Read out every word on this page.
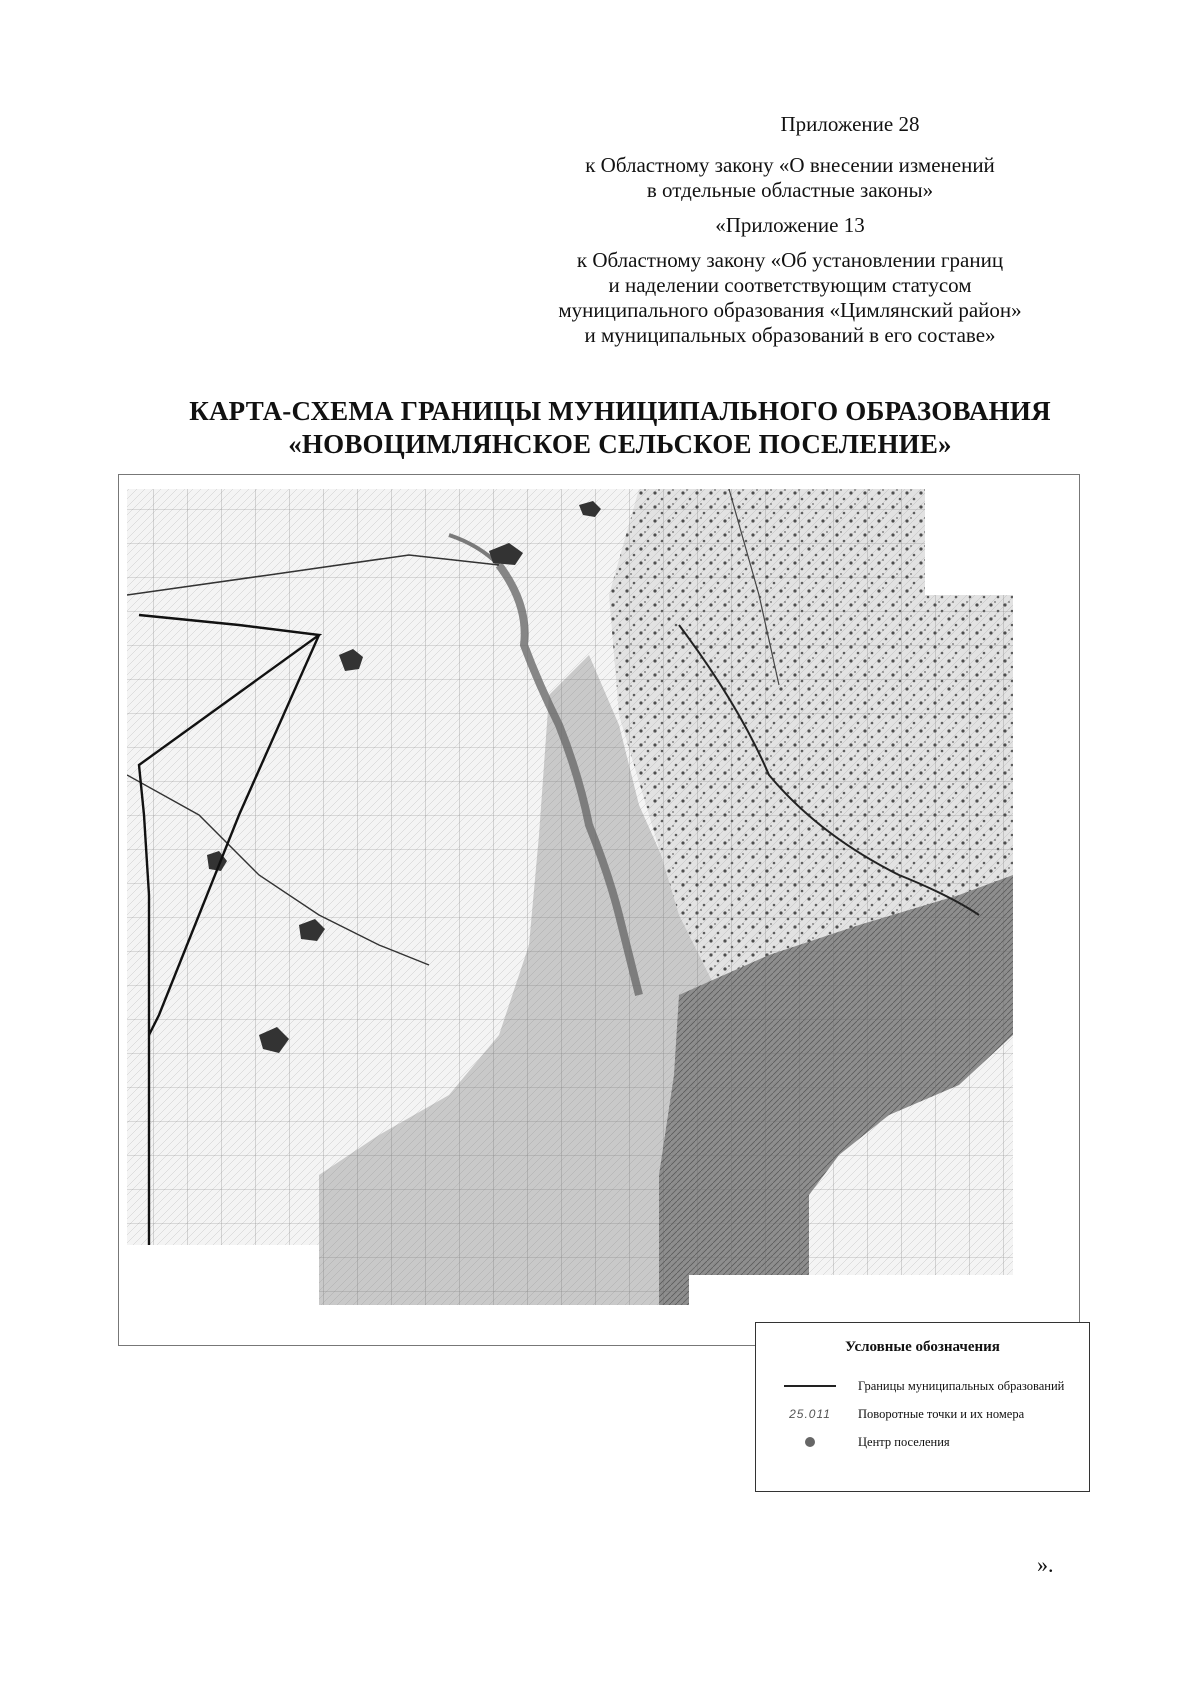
Приложение 28

к Областному закону «О внесении изменений

в отдельные областные законы»

«Приложение 13

к Областному закону «Об установлении границ

и наделении соответствующим статусом

муниципального образования «Цимлянский район»

и муниципальных образований в его составе»

КАРТА-СХЕМА ГРАНИЦЫ МУНИЦИПАЛЬНОГО ОБРАЗОВАНИЯ
«НОВОЦИМЛЯНСКОЕ СЕЛЬСКОЕ ПОСЕЛЕНИЕ»
Условные обозначения
Границы муниципальных образований
25.011 Поворотные точки и их номера
Центр поселения
».
